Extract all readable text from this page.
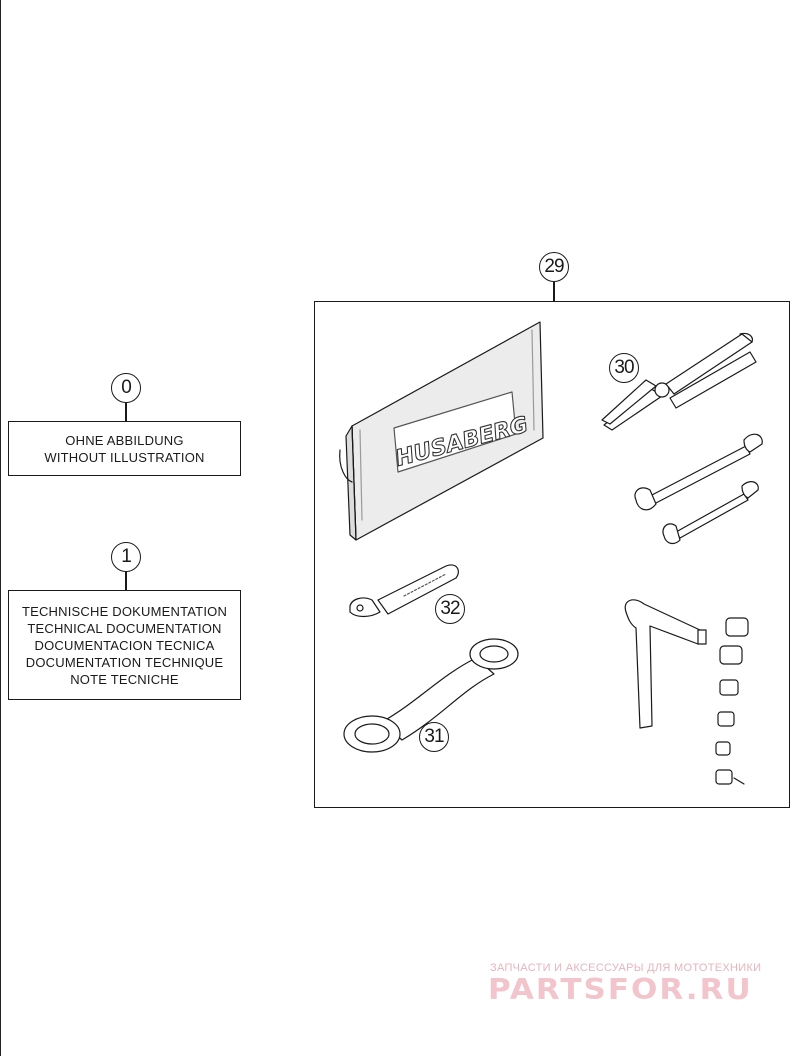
0
OHNE ABBILDUNG
WITHOUT ILLUSTRATION
1
TECHNISCHE DOKUMENTATION
TECHNICAL DOCUMENTATION
DOCUMENTACION TECNICA
DOCUMENTATION TECHNIQUE
NOTE TECNICHE
29
HUSABERG
30
32
31
ЗАПЧАСТИ И АКСЕССУАРЫ ДЛЯ МОТОТЕХНИКИ
PARTSFOR.RU
